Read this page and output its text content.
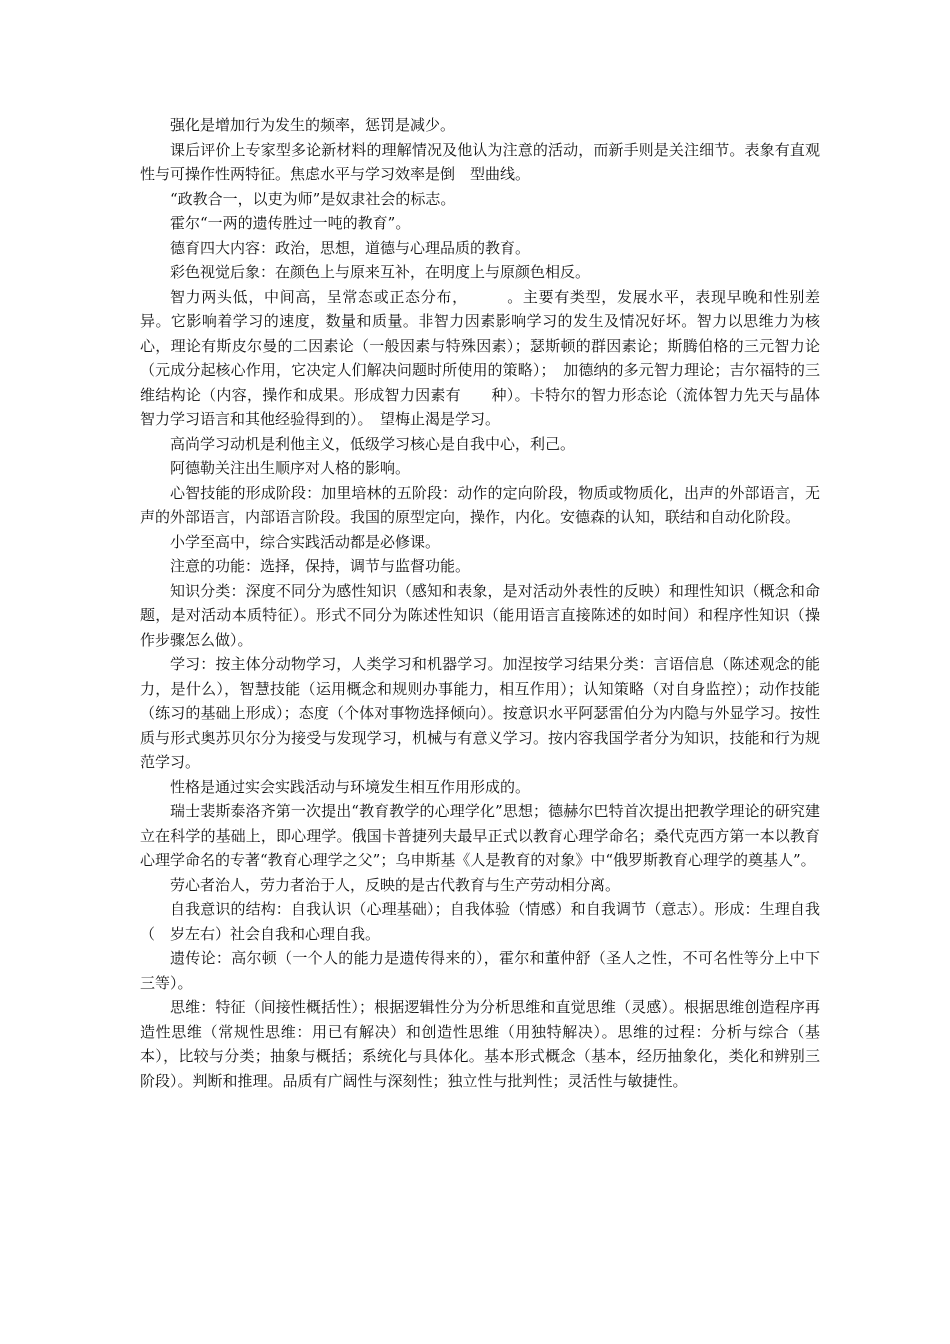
强化是增加行为发生的频率，惩罚是减少。

课后评价上专家型多论新材料的理解情况及他认为注意的活动，而新手则是关注细节。表象有直观性与可操作性两特征。焦虑水平与学习效率是倒　型曲线。

“政教合一，以吏为师”是奴隶社会的标志。

霍尔“一两的遗传胜过一吨的教育”。

德育四大内容：政治，思想，道德与心理品质的教育。

彩色视觉后象：在颜色上与原来互补，在明度上与原颜色相反。

智力两头低，中间高，呈常态或正态分布，　　　。主要有类型，发展水平，表现早晚和性别差异。它影响着学习的速度，数量和质量。非智力因素影响学习的发生及情况好坏。智力以思维力为核心，理论有斯皮尔曼的二因素论（一般因素与特殊因素）；瑟斯顿的群因素论；斯腾伯格的三元智力论（元成分起核心作用，它决定人们解决问题时所使用的策略）；　加德纳的多元智力理论；吉尔福特的三维结构论（内容，操作和成果。形成智力因素有　　种）。卡特尔的智力形态论（流体智力先天与晶体智力学习语言和其他经验得到的）。　望梅止渴是学习。

高尚学习动机是利他主义，低级学习核心是自我中心，利己。

阿德勒关注出生顺序对人格的影响。

心智技能的形成阶段：加里培林的五阶段：动作的定向阶段，物质或物质化，出声的外部语言，无声的外部语言，内部语言阶段。我国的原型定向，操作，内化。安德森的认知，联结和自动化阶段。

小学至高中，综合实践活动都是必修课。

注意的功能：选择，保持，调节与监督功能。

知识分类：深度不同分为感性知识（感知和表象，是对活动外表性的反映）和理性知识（概念和命题，是对活动本质特征）。形式不同分为陈述性知识（能用语言直接陈述的如时间）和程序性知识（操作步骤怎么做）。

学习：按主体分动物学习，人类学习和机器学习。加涅按学习结果分类：言语信息（陈述观念的能力，是什么），智慧技能（运用概念和规则办事能力，相互作用）；认知策略（对自身监控）；动作技能（练习的基础上形成）；态度（个体对事物选择倾向）。按意识水平阿瑟雷伯分为内隐与外显学习。按性质与形式奥苏贝尔分为接受与发现学习，机械与有意义学习。按内容我国学者分为知识，技能和行为规范学习。

性格是通过实会实践活动与环境发生相互作用形成的。

瑞士裴斯泰洛齐第一次提出“教育教学的心理学化”思想；德赫尔巴特首次提出把教学理论的研究建立在科学的基础上，即心理学。俄国卡普捷列夫最早正式以教育心理学命名；桑代克西方第一本以教育心理学命名的专著“教育心理学之父”；乌申斯基《人是教育的对象》中“俄罗斯教育心理学的奠基人”。

劳心者治人，劳力者治于人，反映的是古代教育与生产劳动相分离。

自我意识的结构：自我认识（心理基础）；自我体验（情感）和自我调节（意志）。形成：生理自我（　岁左右）社会自我和心理自我。

遗传论：高尔顿（一个人的能力是遗传得来的），霍尔和董仲舒（圣人之性，不可名性等分上中下三等）。

思维：特征（间接性概括性）；根据逻辑性分为分析思维和直觉思维（灵感）。根据思维创造程序再造性思维（常规性思维：用已有解决）和创造性思维（用独特解决）。思维的过程：分析与综合（基本），比较与分类；抽象与概括；系统化与具体化。基本形式概念（基本，经历抽象化，类化和辨别三阶段）。判断和推理。品质有广阔性与深刻性；独立性与批判性；灵活性与敏捷性。
